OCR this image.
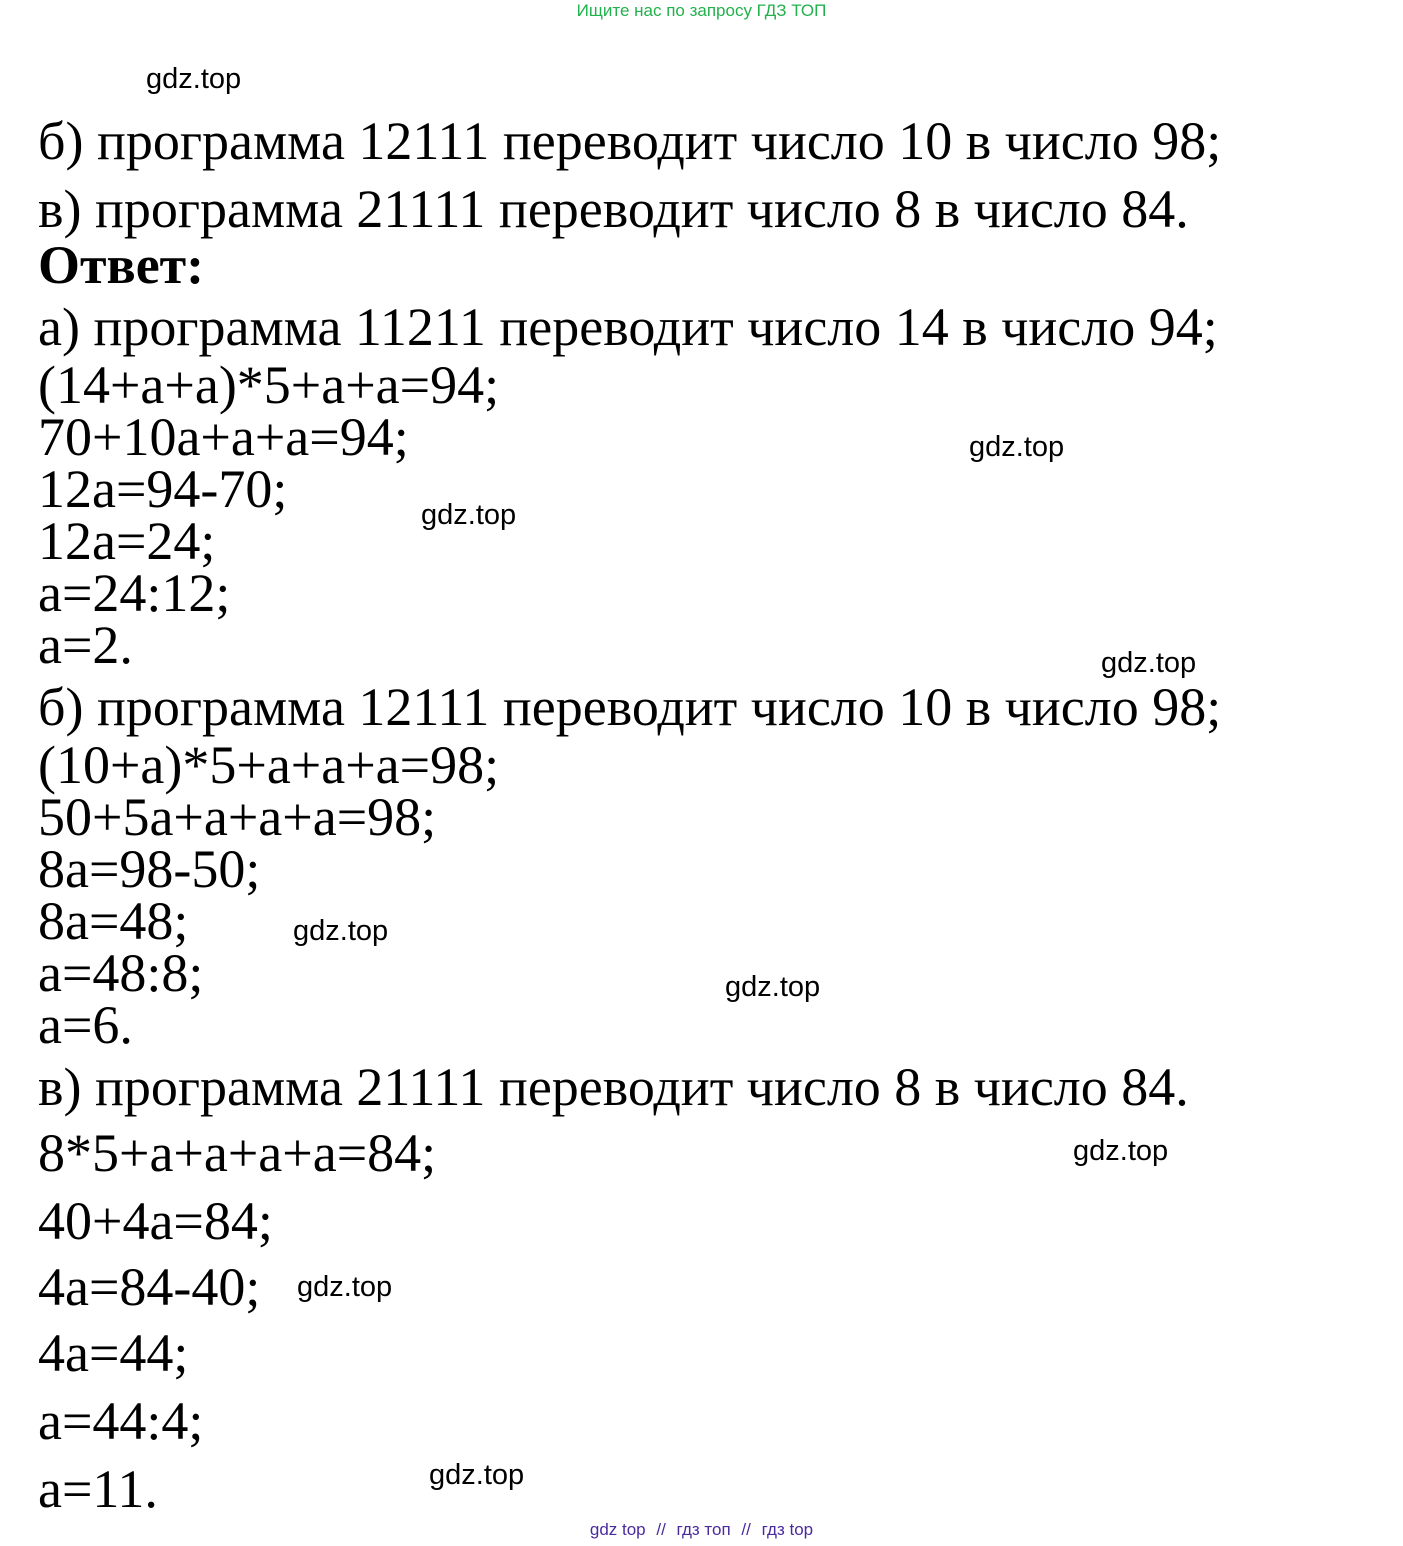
Ищите нас по запросу ГДЗ ТОП
gdz.top
gdz.top
gdz.top
gdz.top
gdz.top
gdz.top
gdz.top
gdz.top
gdz.top
б) программа 12111 переводит число 10 в число 98;
в) программа 21111 переводит число 8 в число 84.
Ответ:
а) программа 11211 переводит число 14 в число 94;
(14+a+a)*5+a+a=94;
70+10a+a+a=94;
12a=94-70;
12a=24;
a=24:12;
a=2.
б) программа 12111 переводит число 10 в число 98;
(10+a)*5+a+a+a=98;
50+5a+a+a+a=98;
8a=98-50;
8a=48;
a=48:8;
a=6.
в) программа 21111 переводит число 8 в число 84.
8*5+a+a+a+a=84;
40+4a=84;
4a=84-40;
4a=44;
a=44:4;
a=11.
gdz top // гдз топ // гдз top
